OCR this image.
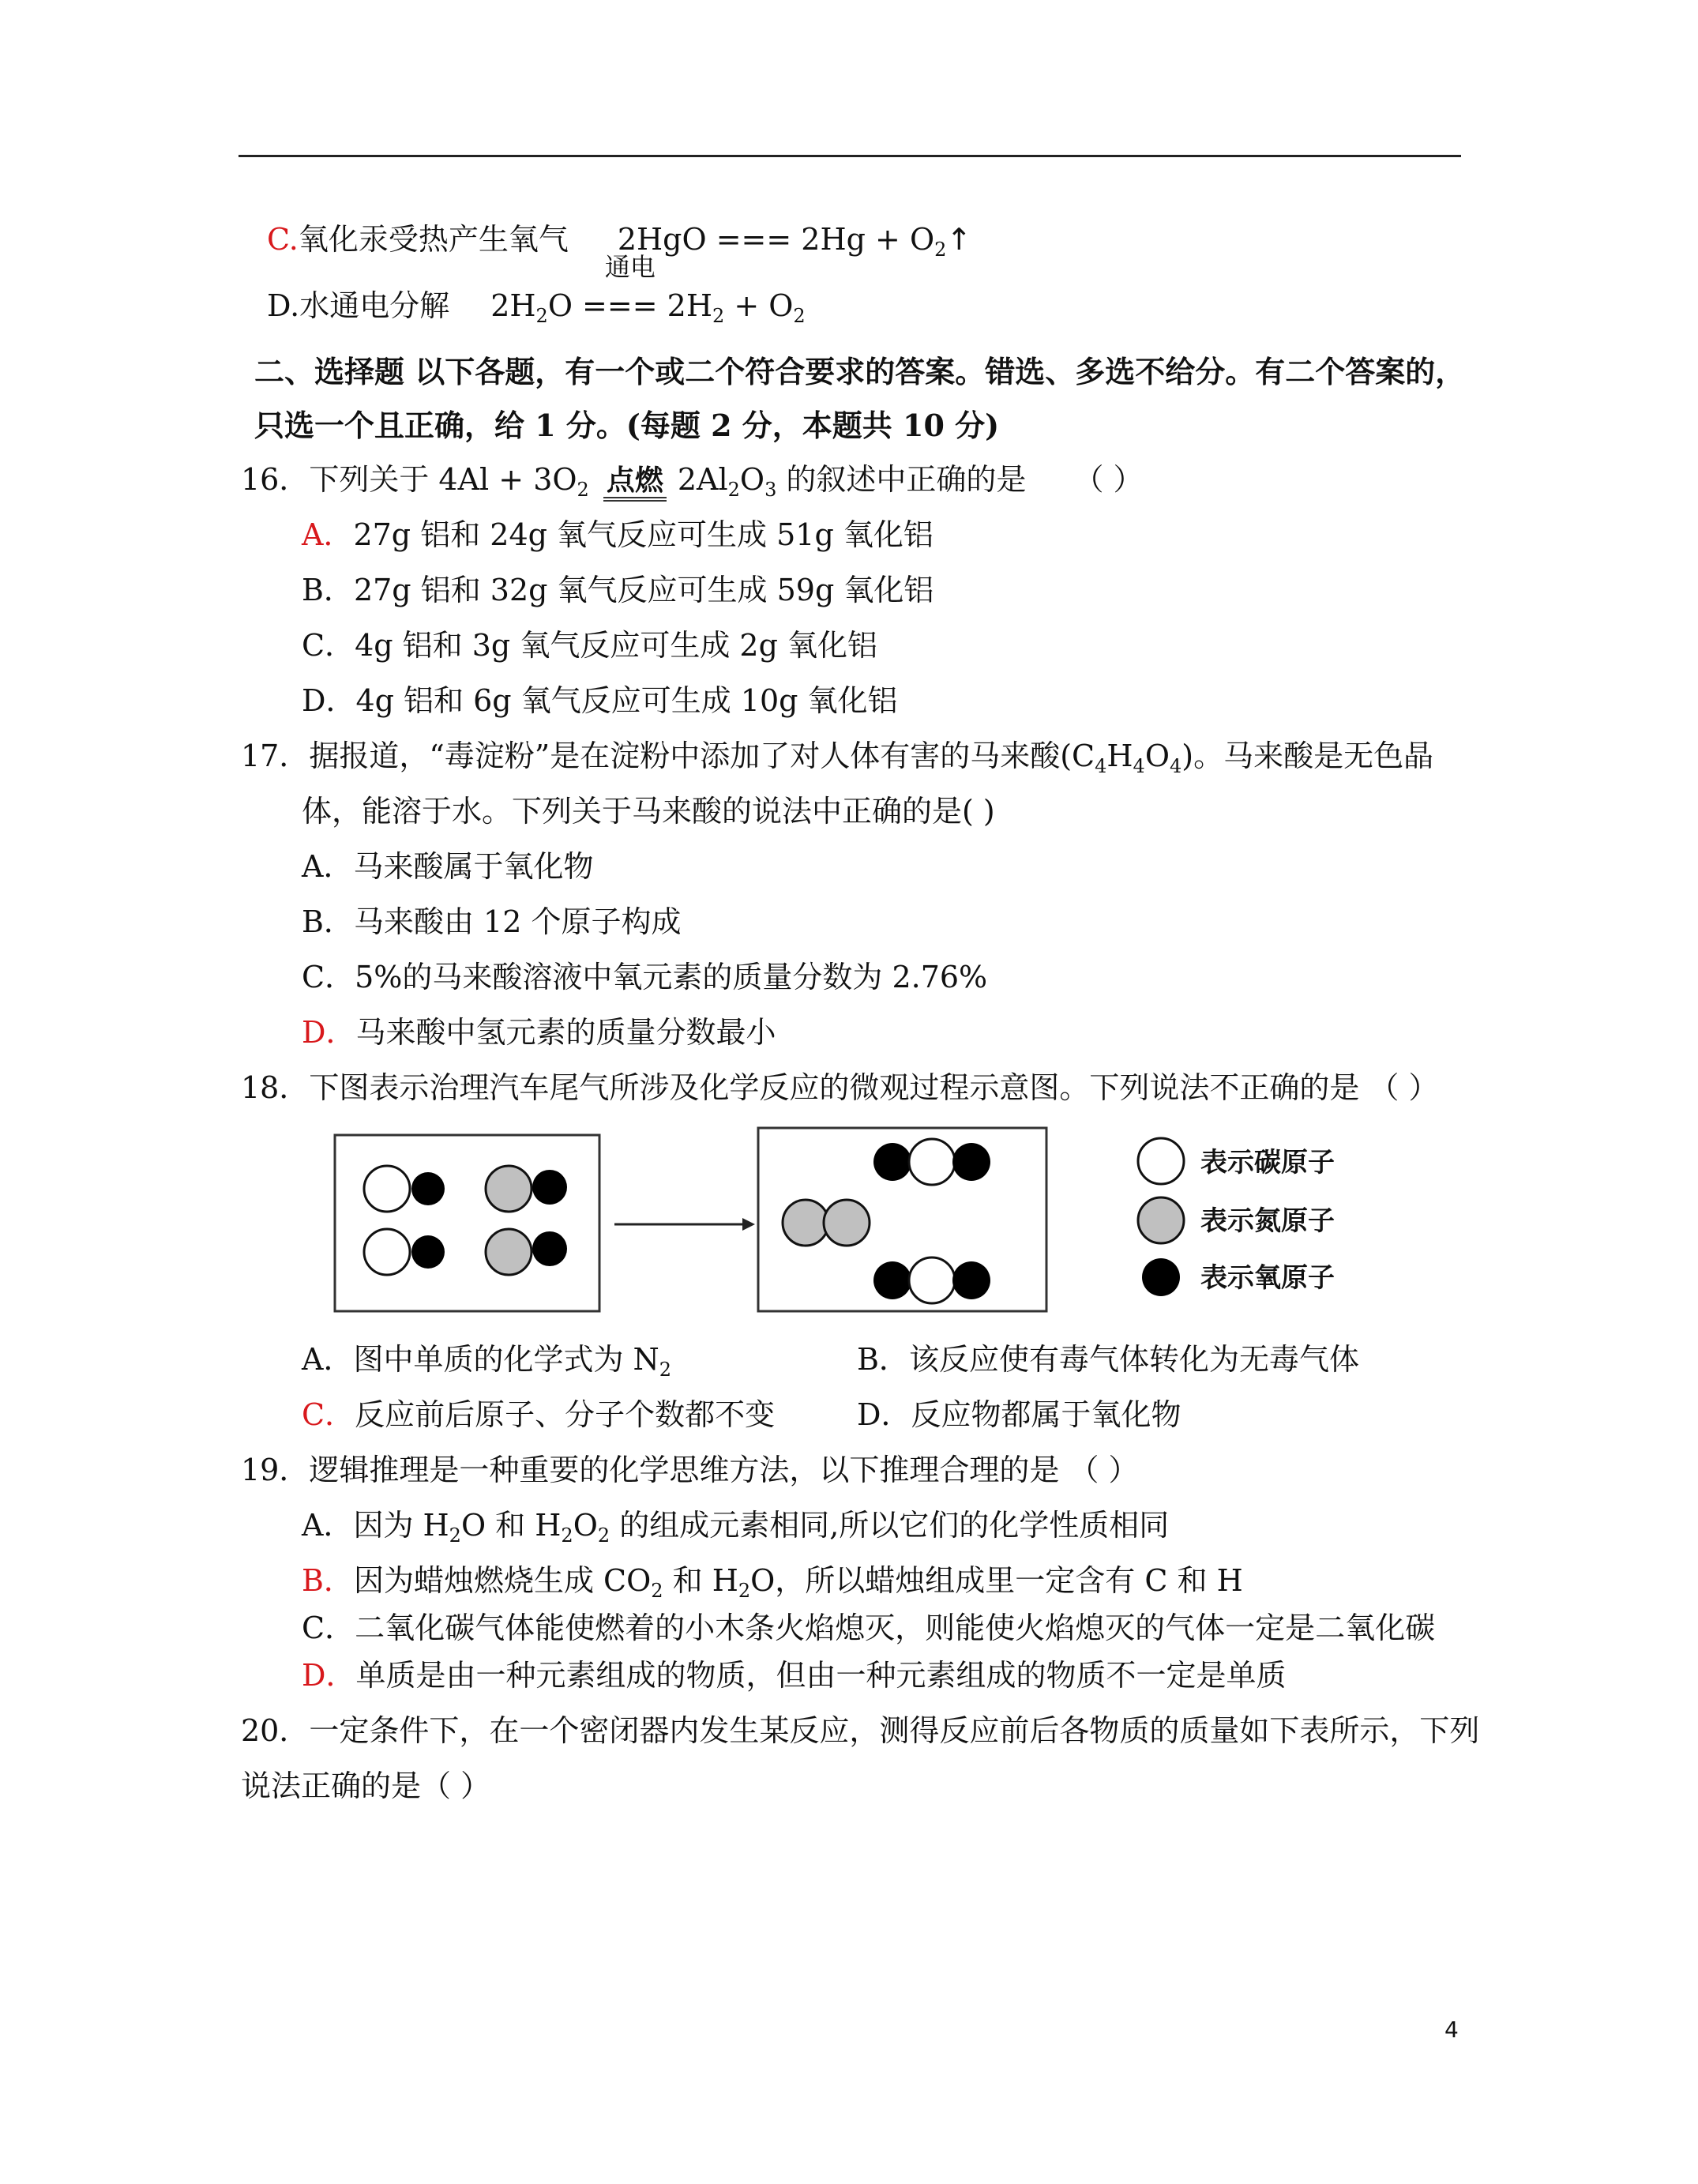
C.氧化汞受热产生氧气 2HgO === $2Hg + O_2↑$
D.水通电分解 $2H_2$
通电
O === $2H_2 + O_2$
二、选择题 以下各题，有一个或二个符合要求的答案。错选、多选不给分。有二个答案的，
只选一个且正确，给 1 分。(每题 2 分，本题共 10 分)
16．下列关于 $4Al + 3O_2$ 点燃 $2Al_2O_3$ 的叙述中正确的是 （ ）
A．27g 铝和 24g 氧气反应可生成 51g 氧化铝
B．27g 铝和 32g 氧气反应可生成 59g 氧化铝
C．4g 铝和 3g 氧气反应可生成 2g 氧化铝
D．4g 铝和 6g 氧气反应可生成 10g 氧化铝
17．据报道，“毒淀粉”是在淀粉中添加了对人体有害的马来酸$(C_4H_4O_4)$。马来酸是无色晶
体，能溶于水。下列关于马来酸的说法中正确的是( )
A．马来酸属于氧化物
B．马来酸由 12 个原子构成
C．5%的马来酸溶液中氧元素的质量分数为 2.76%
D．马来酸中氢元素的质量分数最小
18．下图表示治理汽车尾气所涉及化学反应的微观过程示意图。下列说法不正确的是 （ ）
表示碳原子
表示氮原子
表示氧原子
A．图中单质的化学式为 $N_2$	B．该反应使有毒气体转化为无毒气体
C．反应前后原子、分子个数都不变	D．反应物都属于氧化物
19．逻辑推理是一种重要的化学思维方法，以下推理合理的是 （ ）
A．因为 $H_2O$ 和 $H_2O_2$ 的组成元素相同,所以它们的化学性质相同
B．因为蜡烛燃烧生成 $CO_2$ 和 $H_2O$，所以蜡烛组成里一定含有 C 和 H
C．二氧化碳气体能使燃着的小木条火焰熄灭，则能使火焰熄灭的气体一定是二氧化碳
D．单质是由一种元素组成的物质，但由一种元素组成的物质不一定是单质
20．一定条件下，在一个密闭器内发生某反应，测得反应前后各物质的质量如下表所示，下列
说法正确的是（ ）
4
